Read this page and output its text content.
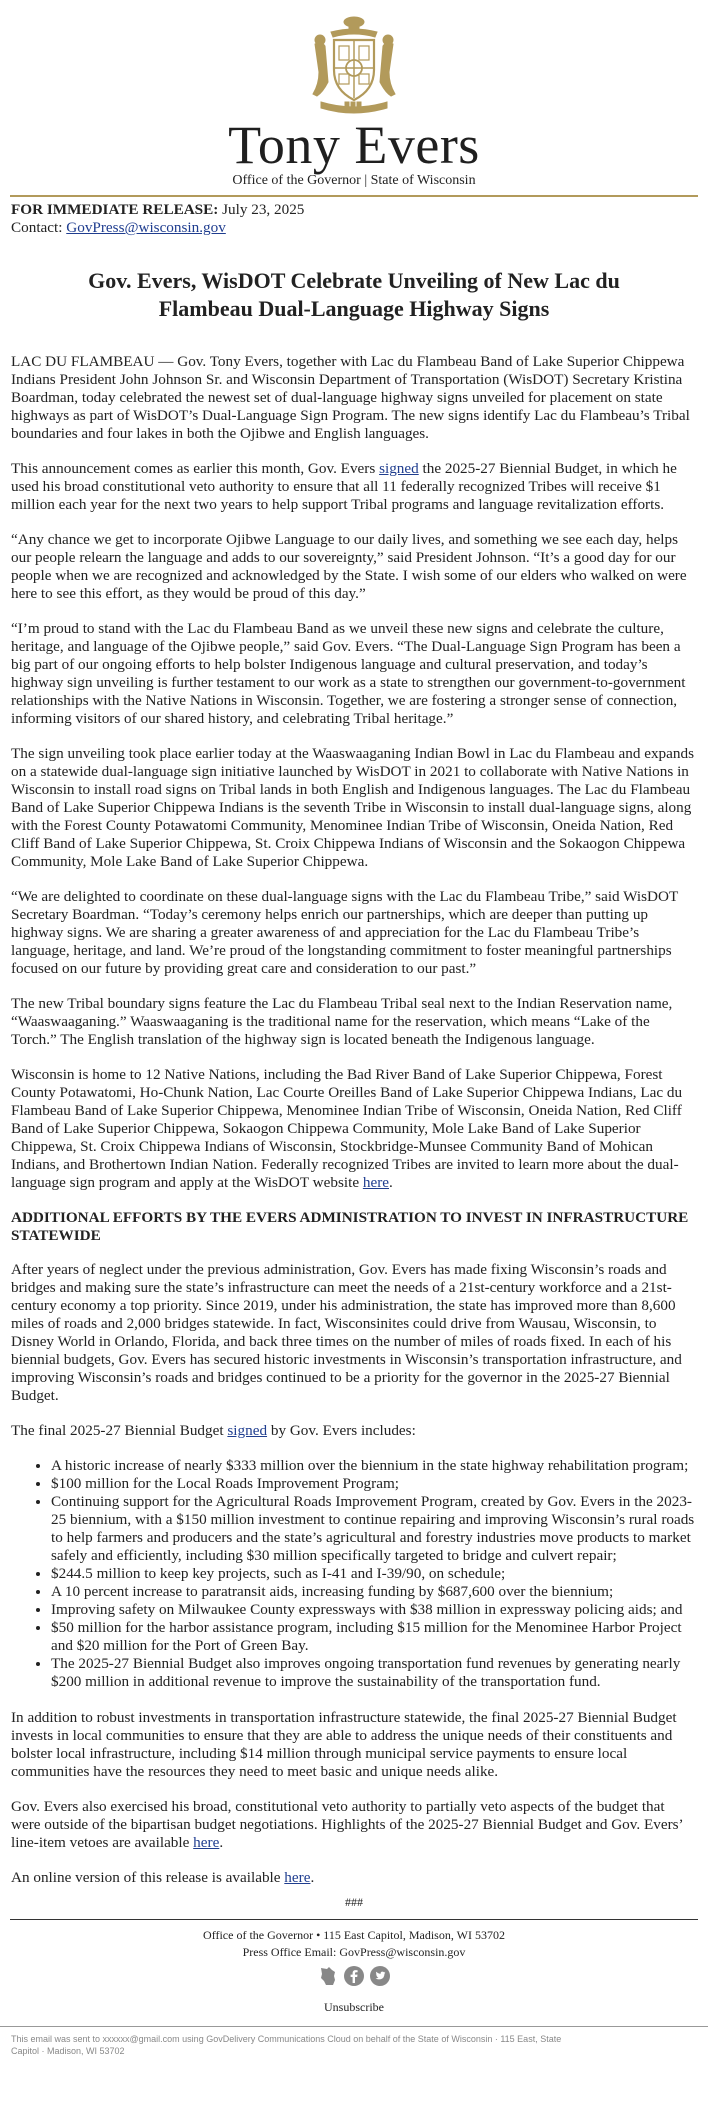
Tony Evers
Office of the Governor | State of Wisconsin
FOR IMMEDIATE RELEASE: July 23, 2025
Contact: GovPress@wisconsin.gov
Gov. Evers, WisDOT Celebrate Unveiling of New Lac du Flambeau Dual-Language Highway Signs

LAC DU FLAMBEAU — Gov. Tony Evers, together with Lac du Flambeau Band of Lake Superior Chippewa Indians President John Johnson Sr. and Wisconsin Department of Transportation (WisDOT) Secretary Kristina Boardman, today celebrated the newest set of dual-language highway signs unveiled for placement on state highways as part of WisDOT’s Dual-Language Sign Program. The new signs identify Lac du Flambeau’s Tribal boundaries and four lakes in both the Ojibwe and English languages.

This announcement comes as earlier this month, Gov. Evers signed the 2025-27 Biennial Budget, in which he used his broad constitutional veto authority to ensure that all 11 federally recognized Tribes will receive $1 million each year for the next two years to help support Tribal programs and language revitalization efforts.

“Any chance we get to incorporate Ojibwe Language to our daily lives, and something we see each day, helps our people relearn the language and adds to our sovereignty,” said President Johnson. “It’s a good day for our people when we are recognized and acknowledged by the State. I wish some of our elders who walked on were here to see this effort, as they would be proud of this day.”

“I’m proud to stand with the Lac du Flambeau Band as we unveil these new signs and celebrate the culture, heritage, and language of the Ojibwe people,” said Gov. Evers. “The Dual-Language Sign Program has been a big part of our ongoing efforts to help bolster Indigenous language and cultural preservation, and today’s highway sign unveiling is further testament to our work as a state to strengthen our government-to-government relationships with the Native Nations in Wisconsin. Together, we are fostering a stronger sense of connection, informing visitors of our shared history, and celebrating Tribal heritage.”

The sign unveiling took place earlier today at the Waaswaaganing Indian Bowl in Lac du Flambeau and expands on a statewide dual-language sign initiative launched by WisDOT in 2021 to collaborate with Native Nations in Wisconsin to install road signs on Tribal lands in both English and Indigenous languages. The Lac du Flambeau Band of Lake Superior Chippewa Indians is the seventh Tribe in Wisconsin to install dual-language signs, along with the Forest County Potawatomi Community, Menominee Indian Tribe of Wisconsin, Oneida Nation, Red Cliff Band of Lake Superior Chippewa, St. Croix Chippewa Indians of Wisconsin and the Sokaogon Chippewa Community, Mole Lake Band of Lake Superior Chippewa.

“We are delighted to coordinate on these dual-language signs with the Lac du Flambeau Tribe,” said WisDOT Secretary Boardman. “Today’s ceremony helps enrich our partnerships, which are deeper than putting up highway signs. We are sharing a greater awareness of and appreciation for the Lac du Flambeau Tribe’s language, heritage, and land. We’re proud of the longstanding commitment to foster meaningful partnerships focused on our future by providing great care and consideration to our past.”

The new Tribal boundary signs feature the Lac du Flambeau Tribal seal next to the Indian Reservation name, “Waaswaaganing.” Waaswaaganing is the traditional name for the reservation, which means “Lake of the Torch.” The English translation of the highway sign is located beneath the Indigenous language.

Wisconsin is home to 12 Native Nations, including the Bad River Band of Lake Superior Chippewa, Forest County Potawatomi, Ho-Chunk Nation, Lac Courte Oreilles Band of Lake Superior Chippewa Indians, Lac du Flambeau Band of Lake Superior Chippewa, Menominee Indian Tribe of Wisconsin, Oneida Nation, Red Cliff Band of Lake Superior Chippewa, Sokaogon Chippewa Community, Mole Lake Band of Lake Superior Chippewa, St. Croix Chippewa Indians of Wisconsin, Stockbridge-Munsee Community Band of Mohican Indians, and Brothertown Indian Nation. Federally recognized Tribes are invited to learn more about the dual-language sign program and apply at the WisDOT website here.

ADDITIONAL EFFORTS BY THE EVERS ADMINISTRATION TO INVEST IN INFRASTRUCTURE STATEWIDE

After years of neglect under the previous administration, Gov. Evers has made fixing Wisconsin’s roads and bridges and making sure the state’s infrastructure can meet the needs of a 21st-century workforce and a 21st-century economy a top priority. Since 2019, under his administration, the state has improved more than 8,600 miles of roads and 2,000 bridges statewide. In fact, Wisconsinites could drive from Wausau, Wisconsin, to Disney World in Orlando, Florida, and back three times on the number of miles of roads fixed. In each of his biennial budgets, Gov. Evers has secured historic investments in Wisconsin’s transportation infrastructure, and improving Wisconsin’s roads and bridges continued to be a priority for the governor in the 2025-27 Biennial Budget.

The final 2025-27 Biennial Budget signed by Gov. Evers includes:

• A historic increase of nearly $333 million over the biennium in the state highway rehabilitation program;
• $100 million for the Local Roads Improvement Program;
• Continuing support for the Agricultural Roads Improvement Program, created by Gov. Evers in the 2023-25 biennium, with a $150 million investment to continue repairing and improving Wisconsin’s rural roads to help farmers and producers and the state’s agricultural and forestry industries move products to market safely and efficiently, including $30 million specifically targeted to bridge and culvert repair;
• $244.5 million to keep key projects, such as I-41 and I-39/90, on schedule;
• A 10 percent increase to paratransit aids, increasing funding by $687,600 over the biennium;
• Improving safety on Milwaukee County expressways with $38 million in expressway policing aids; and
• $50 million for the harbor assistance program, including $15 million for the Menominee Harbor Project and $20 million for the Port of Green Bay.
• The 2025-27 Biennial Budget also improves ongoing transportation fund revenues by generating nearly $200 million in additional revenue to improve the sustainability of the transportation fund.

In addition to robust investments in transportation infrastructure statewide, the final 2025-27 Biennial Budget invests in local communities to ensure that they are able to address the unique needs of their constituents and bolster local infrastructure, including $14 million through municipal service payments to ensure local communities have the resources they need to meet basic and unique needs alike.

Gov. Evers also exercised his broad, constitutional veto authority to partially veto aspects of the budget that were outside of the bipartisan budget negotiations. Highlights of the 2025-27 Biennial Budget and Gov. Evers’ line-item vetoes are available here.

An online version of this release is available here.

###
Office of the Governor • 115 East Capitol, Madison, WI 53702
Press Office Email: GovPress@wisconsin.gov
Unsubscribe
This email was sent to xxxxxx@gmail.com using GovDelivery Communications Cloud on behalf of the State of Wisconsin · 115 East, State Capitol · Madison, WI 53702
